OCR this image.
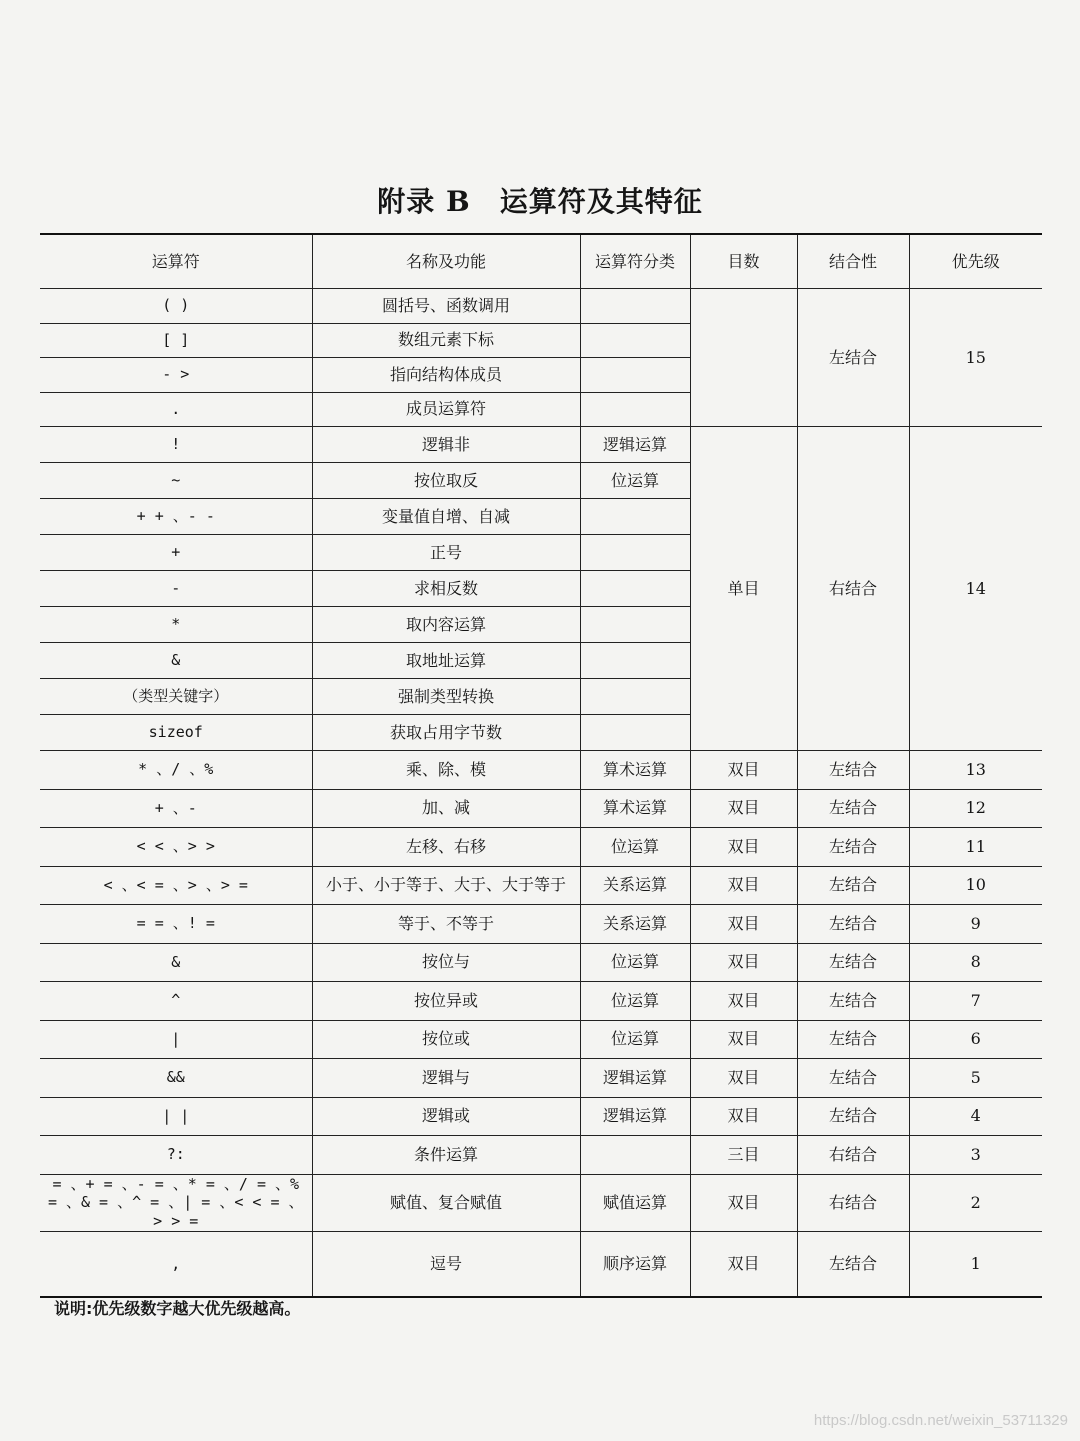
附录 B　运算符及其特征
运算符	名称及功能	运算符分类	目数	结合性	优先级
( )	圆括号、函数调用			左结合	15
[ ]	数组元素下标				
- >	指向结构体成员				
.	成员运算符				
!	逻辑非	逻辑运算	单目	右结合	14
~	按位取反	位运算			
+ + 、- -	变量值自增、自减				
+	正号				
-	求相反数				
*	取内容运算				
&	取地址运算				
（类型关键字）	强制类型转换				
sizeof	获取占用字节数				
* 、/ 、%	乘、除、模	算术运算	双目	左结合	13
+ 、-	加、减	算术运算	双目	左结合	12
< < 、> >	左移、右移	位运算	双目	左结合	11
< 、< = 、> 、> =	小于、小于等于、大于、大于等于	关系运算	双目	左结合	10
= = 、! =	等于、不等于	关系运算	双目	左结合	9
&	按位与	位运算	双目	左结合	8
^	按位异或	位运算	双目	左结合	7
|	按位或	位运算	双目	左结合	6
&&	逻辑与	逻辑运算	双目	左结合	5
| |	逻辑或	逻辑运算	双目	左结合	4
?:	条件运算		三目	右结合	3
= 、+ = 、- = 、* = 、/ = 、% = 、& = 、^ = 、| = 、< < = 、> > =	赋值、复合赋值	赋值运算	双目	右结合	2
,	逗号	顺序运算	双目	左结合	1

说明:优先级数字越大优先级越高。

https://blog.csdn.net/weixin_53711329
